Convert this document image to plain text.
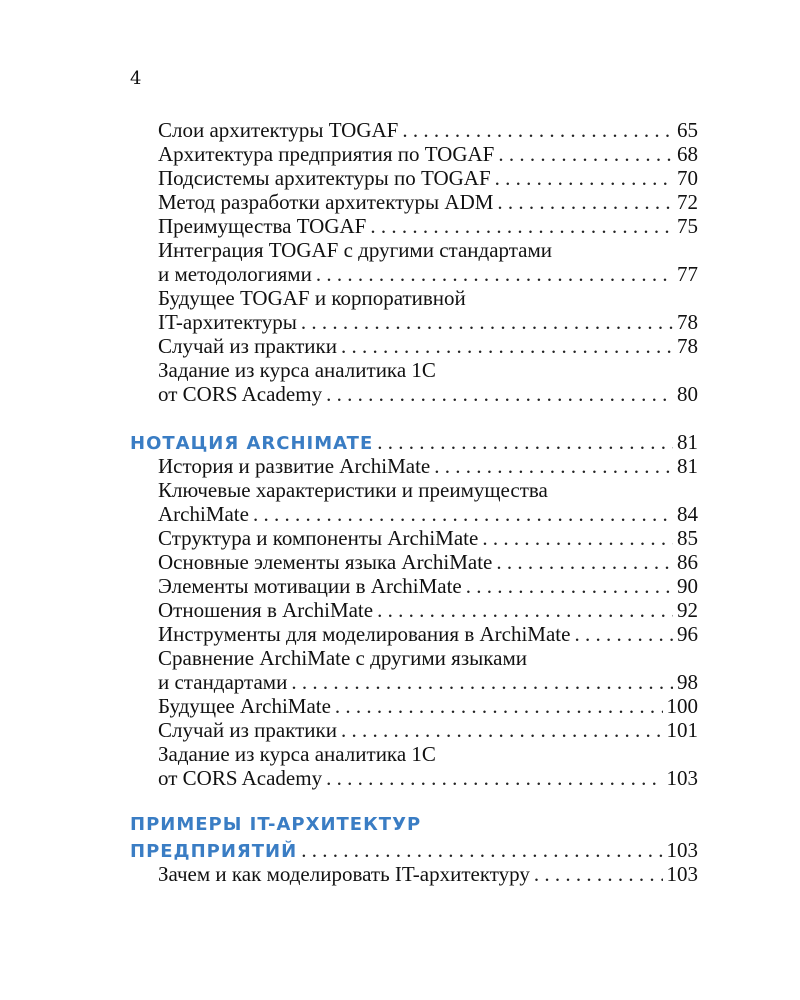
4
Слои архитектуры TOGAF . . .	65
Архитектура предприятия по TOGAF . . .	68
Подсистемы архитектуры по TOGAF . . .	70
Метод разработки архитектуры ADM . . .	72
Преимущества TOGAF . . .	75
Интеграция TOGAF с другими стандартами
и методологиями . . .	77
Будущее TOGAF и корпоративной
IT-архитектуры . . .	78
Случай из практики . . .	78
Задание из курса аналитика 1С
от CORS Academy . . .	80
НОТАЦИЯ ARCHIMATE . . .	81
История и развитие ArchiMate . . .	81
Ключевые характеристики и преимущества
ArchiMate . . .	84
Структура и компоненты ArchiMate . . .	85
Основные элементы языка ArchiMate . . .	86
Элементы мотивации в ArchiMate . . .	90
Отношения в ArchiMate . . .	92
Инструменты для моделирования в ArchiMate . . .	96
Сравнение ArchiMate с другими языками
и стандартами . . .	98
Будущее ArchiMate . . .	100
Случай из практики . . .	101
Задание из курса аналитика 1С
от CORS Academy . . .	103
ПРИМЕРЫ IT-АРХИТЕКТУР
ПРЕДПРИЯТИЙ . . .	103
Зачем и как моделировать IT-архитектуру . . .	103
